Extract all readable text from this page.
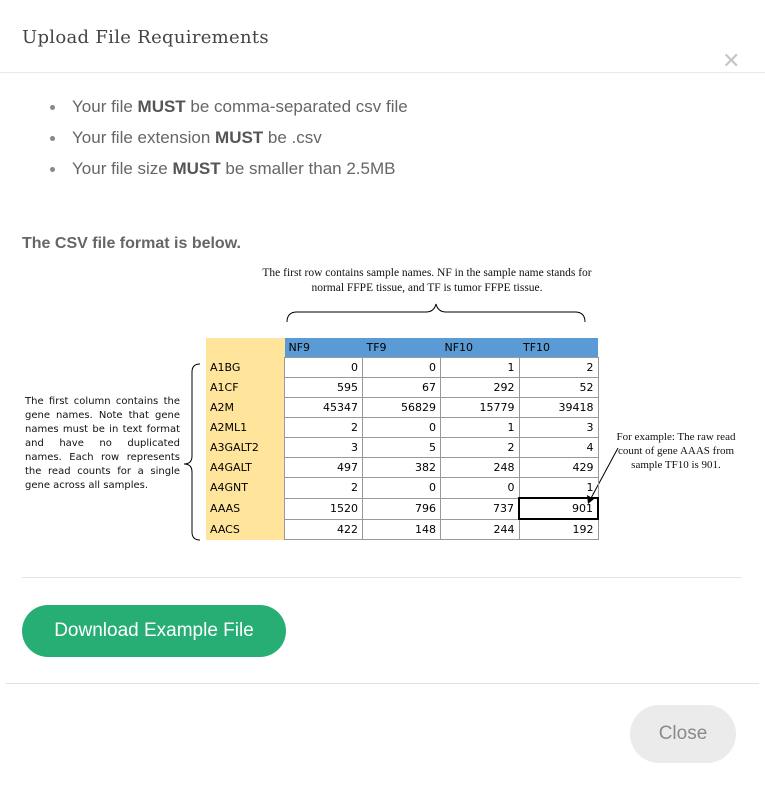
Upload File Requirements
✕
Your file MUST be comma-separated csv file
Your file extension MUST be .csv
Your file size MUST be smaller than 2.5MB
The CSV file format is below.
The first row contains sample names. NF in the sample name stands for normal FFPE tissue, and TF is tumor FFPE tissue.
	NF9	TF9	NF10	TF10
A1BG	0	0	1	2
A1CF	595	67	292	52
A2M	45347	56829	15779	39418
A2ML1	2	0	1	3
A3GALT2	3	5	2	4
A4GALT	497	382	248	429
A4GNT	2	0	0	1
AAAS	1520	796	737	901
AACS	422	148	244	192
The first column contains the gene names. Note that gene names must be in text format and have no duplicated names. Each row represents the read counts for a single gene across all samples.
For example: The raw read count of gene AAAS from sample TF10 is 901.
Download Example File
Close
